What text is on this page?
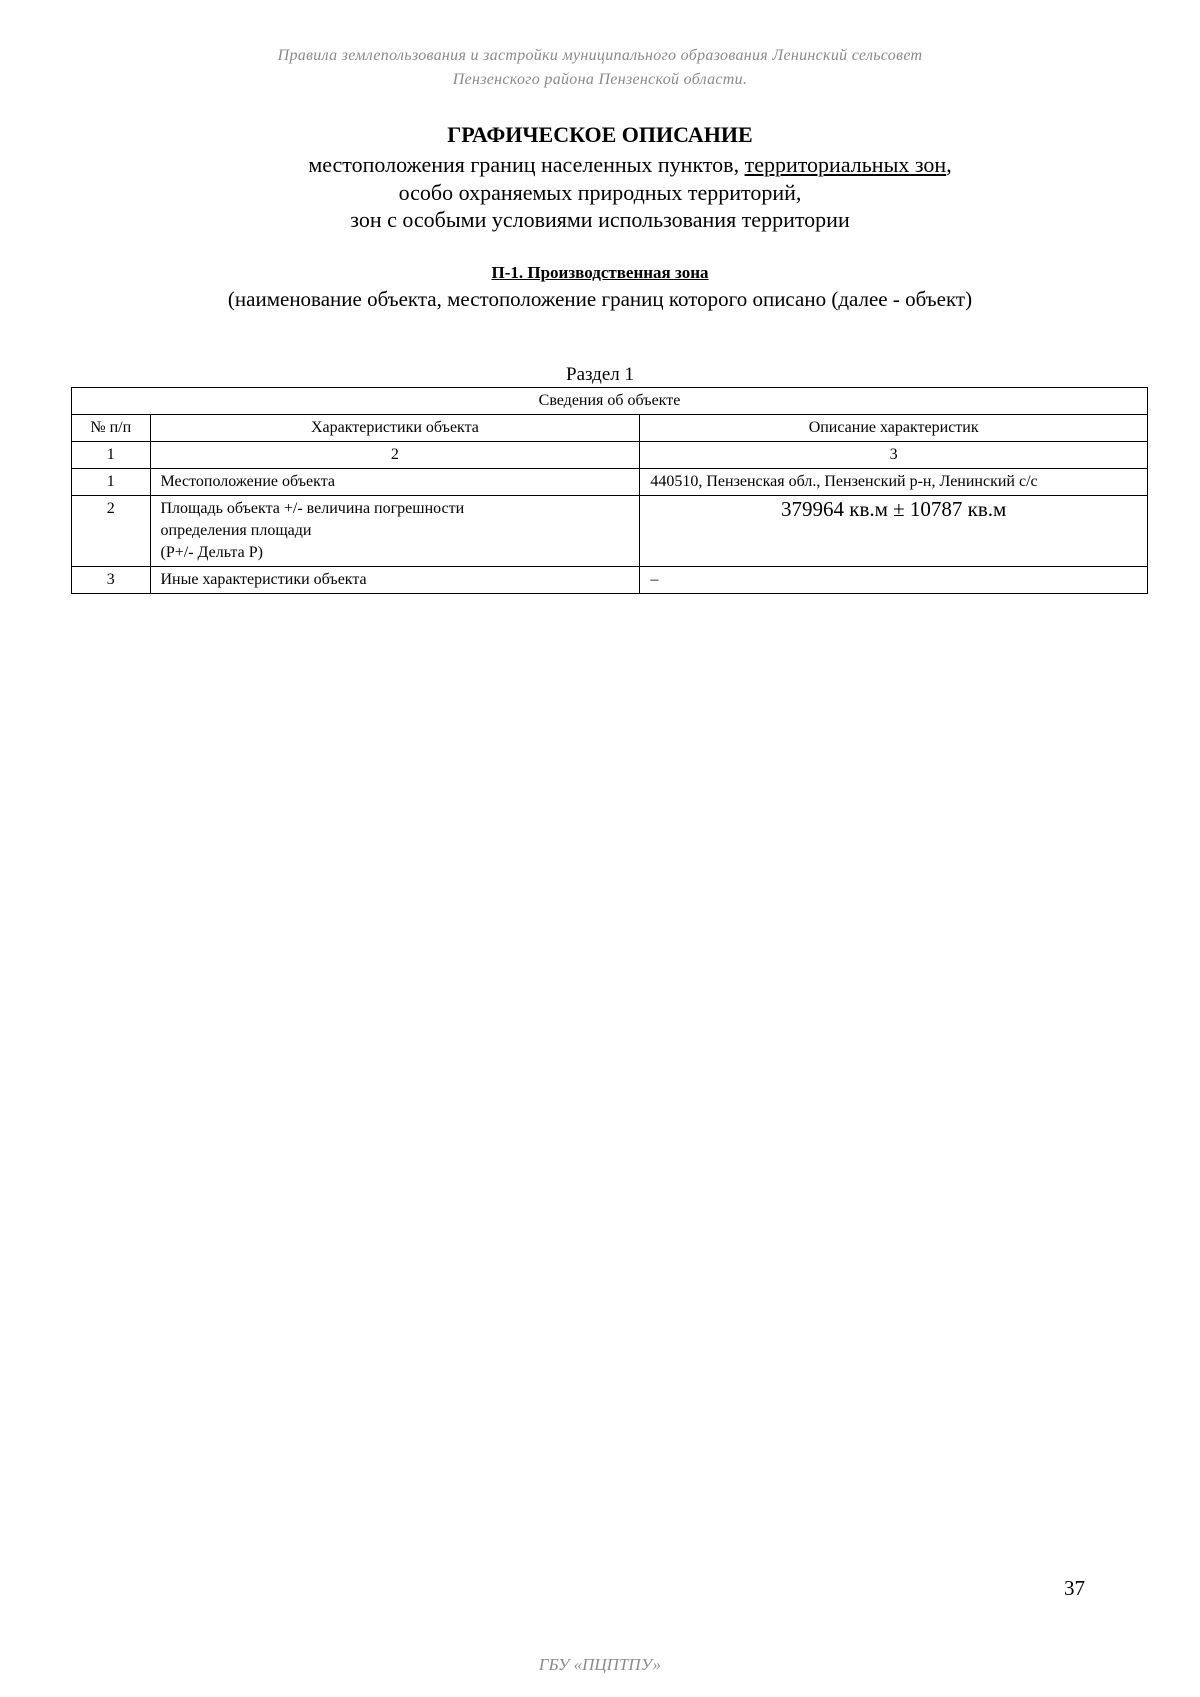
Правила землепользования и застройки муниципального образования Ленинский сельсовет
Пензенского района Пензенской области.
ГРАФИЧЕСКОЕ ОПИСАНИЕ
местоположения границ населенных пунктов, территориальных зон,
особо охраняемых природных территорий,
зон с особыми условиями использования территории
П-1. Производственная зона
(наименование объекта, местоположение границ которого описано (далее - объект)
Раздел 1
Сведения об объекте		
№ п/п	Характеристики объекта	Описание характеристик
1	2	3
1	Местоположение объекта	440510, Пензенская обл., Пензенский р-н, Ленинский с/с
2	Площадь объекта +/- величина погрешности
определения площади
(Р+/- Дельта Р)	379964 кв.м ± 10787 кв.м
3	Иные характеристики объекта	–
37
ГБУ «ПЦПТПУ»
